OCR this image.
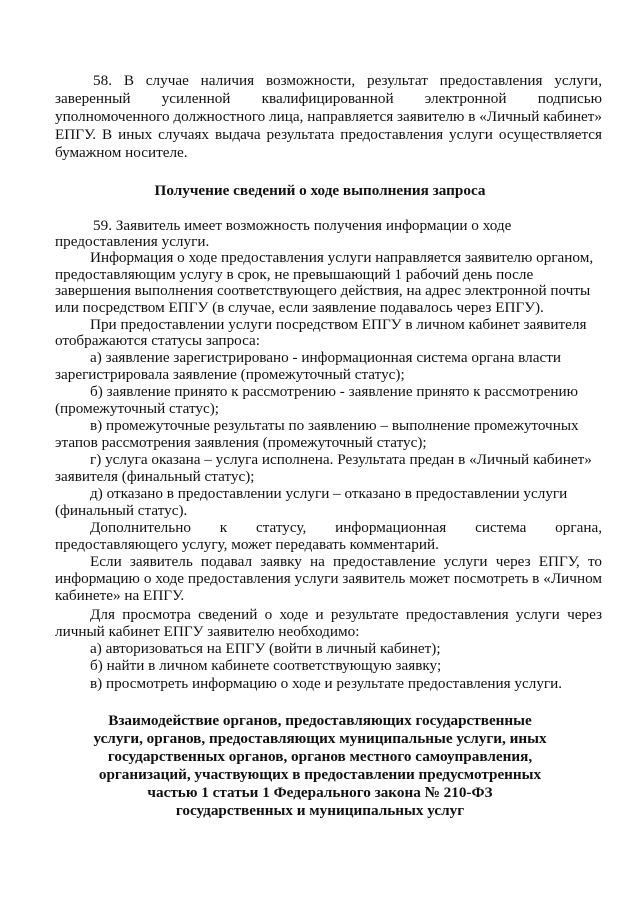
58. В случае наличия возможности, результат предоставления услуги,
заверенный усиленной квалифицированной электронной подписью
уполномоченного должностного лица, направляется заявителю в «Личный кабинет»
ЕПГУ. В иных случаях выдача результата предоставления услуги осуществляется
бумажном носителе.
Получение сведений о ходе выполнения запроса
59. Заявитель имеет возможность получения информации о ходе
предоставления услуги.
Информация о ходе предоставления услуги направляется заявителю органом,
предоставляющим услугу в срок, не превышающий 1 рабочий день после
завершения выполнения соответствующего действия, на адрес электронной почты
или посредством ЕПГУ (в случае, если заявление подавалось через ЕПГУ).
При предоставлении услуги посредством ЕПГУ в личном кабинет заявителя
отображаются статусы запроса:
а) заявление зарегистрировано - информационная система органа власти
зарегистрировала заявление (промежуточный статус);
б) заявление принято к рассмотрению - заявление принято к рассмотрению
(промежуточный статус);
в) промежуточные результаты по заявлению – выполнение промежуточных
этапов рассмотрения заявления (промежуточный статус);
г) услуга оказана – услуга исполнена. Результата предан в «Личный кабинет»
заявителя (финальный статус);
д) отказано в предоставлении услуги – отказано в предоставлении услуги
(финальный статус).
Дополнительно к статусу, информационная система органа,
предоставляющего услугу, может передавать комментарий.
Если заявитель подавал заявку на предоставление услуги через ЕПГУ, то
информацию о ходе предоставления услуги заявитель может посмотреть в «Личном
кабинете» на ЕПГУ.
Для просмотра сведений о ходе и результате предоставления услуги через
личный кабинет ЕПГУ заявителю необходимо:
а) авторизоваться на ЕПГУ (войти в личный кабинет);
б) найти в личном кабинете соответствующую заявку;
в) просмотреть информацию о ходе и результате предоставления услуги.
Взаимодействие органов, предоставляющих государственные
услуги, органов, предоставляющих муниципальные услуги, иных
государственных органов, органов местного самоуправления,
организаций, участвующих в предоставлении предусмотренных
частью 1 статьи 1 Федерального закона № 210-ФЗ
государственных и муниципальных услуг
